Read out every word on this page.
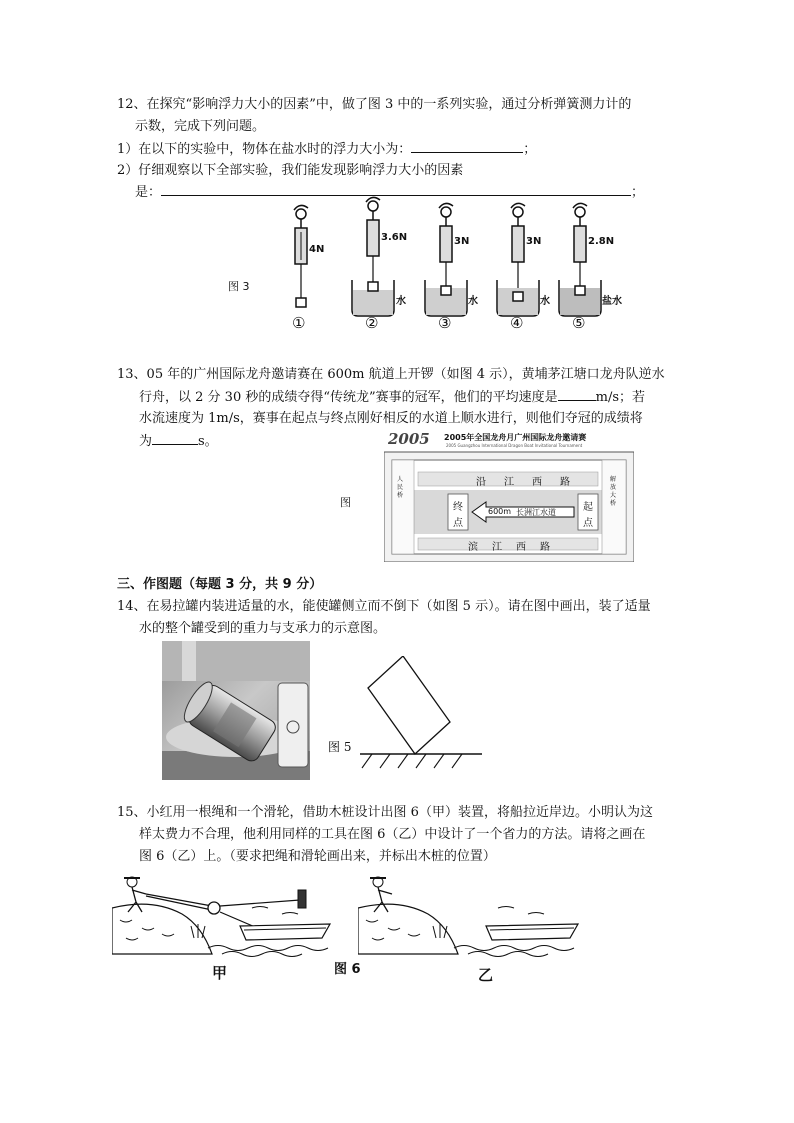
12、在探究“影响浮力大小的因素”中，做了图 3 中的一系列实验，通过分析弹簧测力计的
示数，完成下列问题。
1）在以下的实验中，物体在盐水时的浮力大小为：	；
2）仔细观察以下全部实验，我们能发现影响浮力大小的因素
是：	；
图 3
4N
3.6N	3N	3N	2.8N
水	水	水	盐水
①	②	③	④	⑤
13、05 年的广州国际龙舟邀请赛在 600m 航道上开锣（如图 4 示），黄埔茅江塘口龙舟队逆水
行舟，以 2 分 30 秒的成绩夺得“传统龙”赛事的冠军，他们的平均速度是	m/s；若
水流速度为 1m/s，赛事在起点与终点刚好相反的水道上顺水进行，则他们夺冠的成绩将
为	s。
图
2005 2005年全国龙舟月广州国际龙舟邀请赛
2005 Guangzhou International Dragon Boat Invitational Tournament
沿 江 西 路
滨 江 西 路
终
点
起
点
600m 长洲江水道
人民桥
解放大桥
三、作图题（每题 3 分，共 9 分）
14、在易拉罐内装进适量的水，能使罐侧立而不倒下（如图 5 示）。请在图中画出，装了适量
水的整个罐受到的重力与支承力的示意图。
图 5
15、小红用一根绳和一个滑轮，借助木桩设计出图 6（甲）装置，将船拉近岸边。小明认为这
样太费力不合理，他利用同样的工具在图 6（乙）中设计了一个省力的方法。请将之画在
图 6（乙）上。（要求把绳和滑轮画出来，并标出木桩的位置）
甲	图 6	乙
